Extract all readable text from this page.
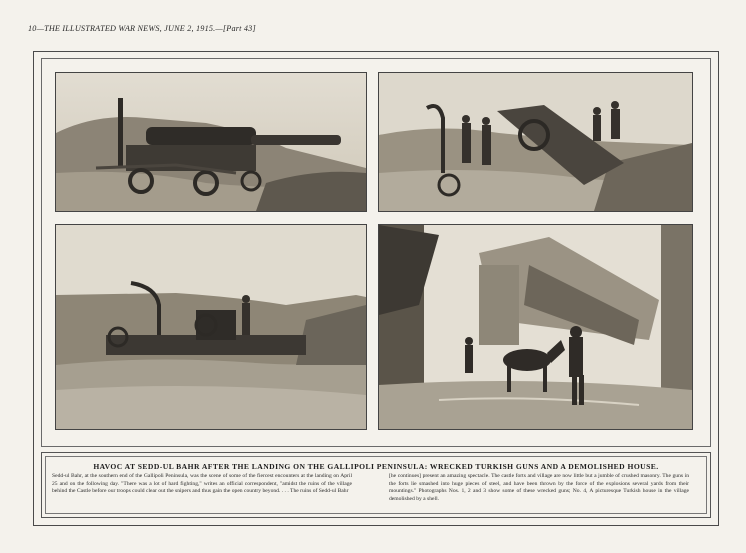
10—THE ILLUSTRATED WAR NEWS, JUNE 2, 1915.—[Part 43]
HAVOC AT SEDD-UL BAHR AFTER THE LANDING ON THE GALLIPOLI PENINSULA: WRECKED TURKISH GUNS AND A DEMOLISHED HOUSE.
Sedd-ul Bahr, at the southern end of the Gallipoli Peninsula, was the scene of some of the fiercest encounters at the landing on April 25 and on the following day. "There was a lot of hard fighting," writes an official correspondent, "amidst the ruins of the village behind the Castle before our troops could clear out the snipers and thus gain the open country beyond. . . . The ruins of Sedd-ul Bahr
[he continues] present an amazing spectacle. The castle forts and village are now little but a jumble of crushed masonry. The guns in the forts lie smashed into huge pieces of steel, and have been thrown by the force of the explosions several yards from their mountings." Photographs Nos. 1, 2 and 3 show some of these wrecked guns; No. 4, A picturesque Turkish house in the village demolished by a shell.
